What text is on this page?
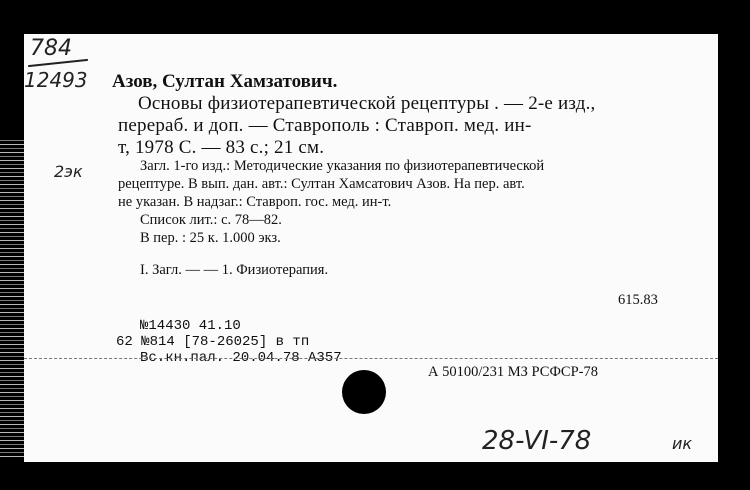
784
12493 Азов, Султан Хамзатович.
Основы физиотерапевтической рецептуры . — 2-е изд.,
перераб. и доп. — Ставрополь : Ставроп. мед. ин-
т, 1978 С. — 83 с.; 21 см.
2эк	Загл. 1-го изд.: Методические указания по физиотерапевтической
рецептуре. В вып. дан. авт.: Султан Хамсатович Азов. На пер. авт.
не указан. В надзаг.: Ставроп. гос. мед. ин-т.
Список лит.: с. 78—82.
В пер. : 25 к. 1.000 экз.
I. Загл. — — 1. Физиотерапия.
615.83
№14430 41.10
62 №814 [78-26025] в тп
Вс.кн.пал. 20.04.78 А357
А 50100/231 МЗ РСФСР-78
28-VI-78	ик
